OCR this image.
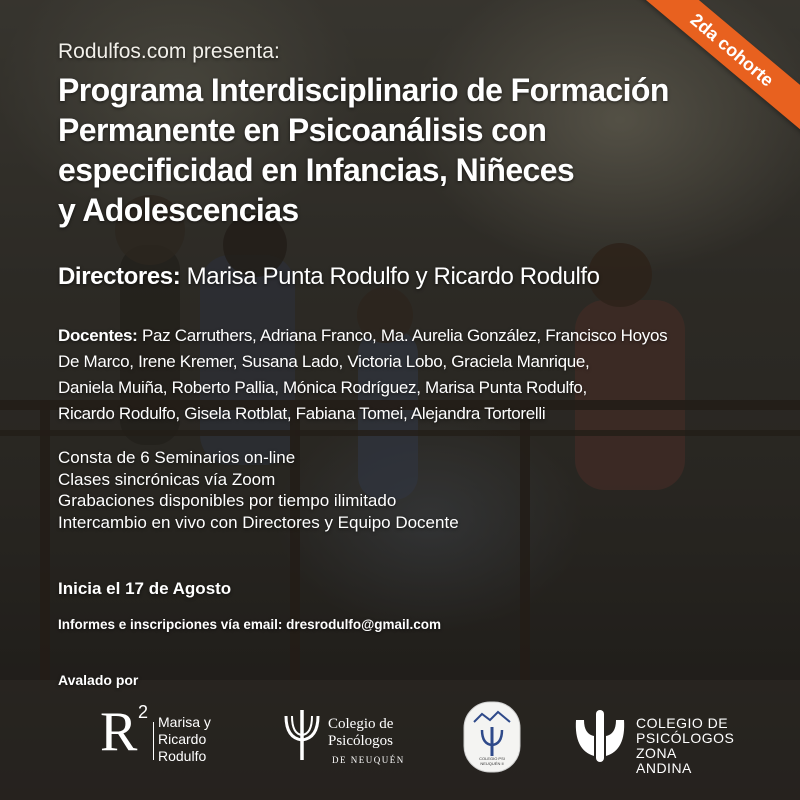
2da cohorte
Rodulfos.com presenta:
Programa Interdisciplinario de Formación
Permanente en Psicoanálisis con
especificidad en Infancias, Niñeces
y Adolescencias
Directores: Marisa Punta Rodulfo y Ricardo Rodulfo
Docentes: Paz Carruthers, Adriana Franco, Ma. Aurelia González, Francisco Hoyos
De Marco, Irene Kremer, Susana Lado, Victoria Lobo, Graciela Manrique,
Daniela Muiña, Roberto Pallia, Mónica Rodríguez, Marisa Punta Rodulfo,
Ricardo Rodulfo, Gisela Rotblat, Fabiana Tomei, Alejandra Tortorelli
Consta de 6 Seminarios on-line
Clases sincrónicas vía Zoom
Grabaciones disponibles por tiempo ilimitado
Intercambio en vivo con Directores y Equipo Docente
Inicia el 17 de Agosto
Informes e inscripciones vía email: dresrodulfo@gmail.com
Avalado por
R 2 Marisa y
Ricardo
Rodulfo
Colegio de
Psicólogos
DE NEUQUÉN	COLEGIO PSI
NEUQUÉN II
COLEGIO DE
PSICÓLOGOS
ZONA ANDINA
